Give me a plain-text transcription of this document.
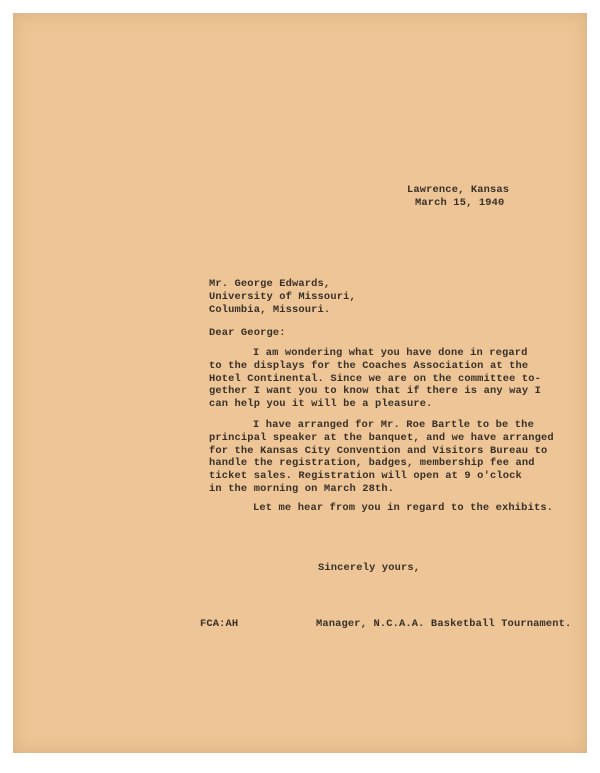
Lawrence, Kansas
March 15, 1940
Mr. George Edwards,
University of Missouri,
Columbia, Missouri.
Dear George:
I am wondering what you have done in regard
to the displays for the Coaches Association at the
Hotel Continental. Since we are on the committee to-
gether I want you to know that if there is any way I
can help you it will be a pleasure.
I have arranged for Mr. Roe Bartle to be the
principal speaker at the banquet, and we have arranged
for the Kansas City Convention and Visitors Bureau to
handle the registration, badges, membership fee and
ticket sales. Registration will open at 9 o'clock
in the morning on March 28th.
Let me hear from you in regard to the exhibits.
Sincerely yours,
FCA:AH	Manager, N.C.A.A. Basketball Tournament.
